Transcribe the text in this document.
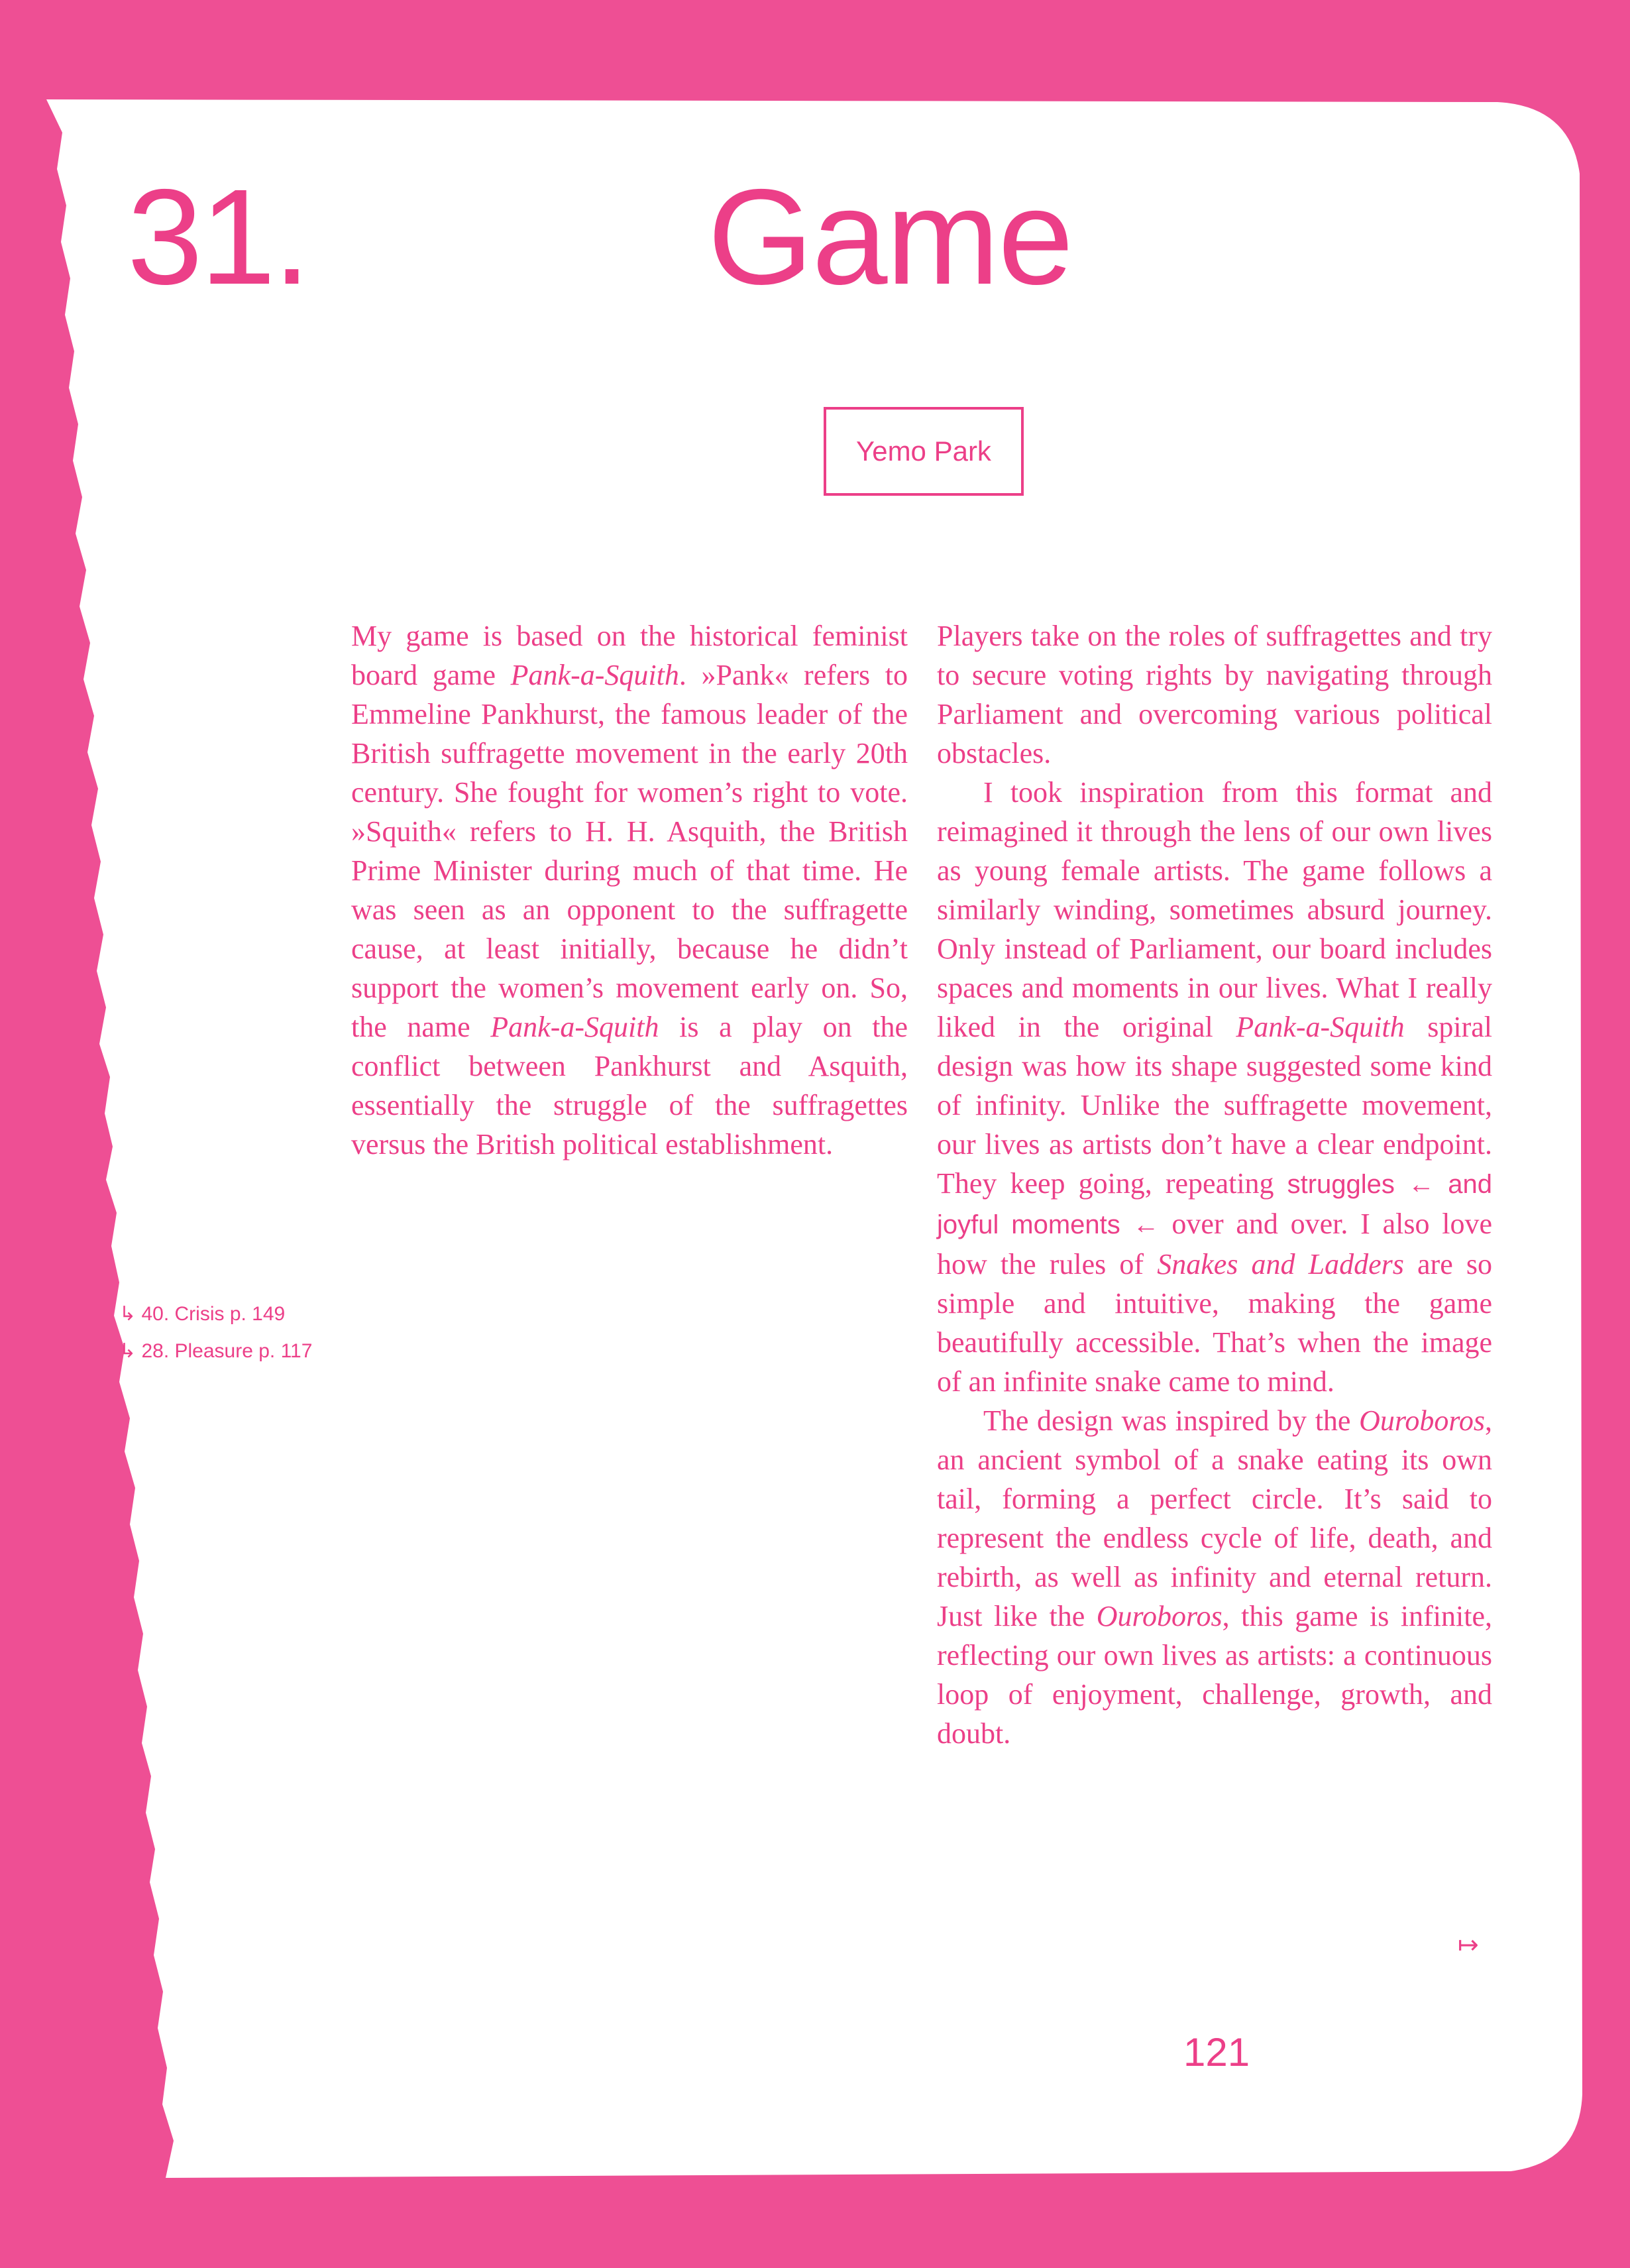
31.	Game
Yemo Park

My game is based on the historical feminist board game Pank-a-Squith. »Pank« refers to Emmeline Pankhurst, the famous leader of the British suffragette movement in the early 20th century. She fought for women’s right to vote. »Squith« refers to H. H. Asquith, the British Prime Minister during much of that time. He was seen as an opponent to the suffragette cause, at least initially, because he didn’t support the women’s movement early on. So, the name Pank-a-Squith is a play on the conflict between Pankhurst and Asquith, essentially the struggle of the suffragettes versus the British political establishment.

Players take on the roles of suffragettes and try to secure voting rights by navigating through Parliament and overcoming various political obstacles.

I took inspiration from this format and reimagined it through the lens of our own lives as young female artists. The game follows a similarly winding, sometimes absurd journey. Only instead of Parliament, our board includes spaces and moments in our lives. What I really liked in the original Pank-a-Squith spiral design was how its shape suggested some kind of infinity. Unlike the suffragette movement, our lives as artists don’t have a clear endpoint. They keep going, repeating struggles ← and joyful moments ← over and over. I also love how the rules of Snakes and Ladders are so simple and intuitive, making the game beautifully accessible. That’s when the image of an infinite snake came to mind.

The design was inspired by the Ouroboros, an ancient symbol of a snake eating its own tail, forming a perfect circle. It’s said to represent the endless cycle of life, death, and rebirth, as well as infinity and eternal return. Just like the Ouroboros, this game is infinite, reflecting our own lives as artists: a continuous loop of enjoyment, challenge, growth, and doubt.

↳ 40. Crisis p. 149
↳ 28. Pleasure p. 117
↦
121
